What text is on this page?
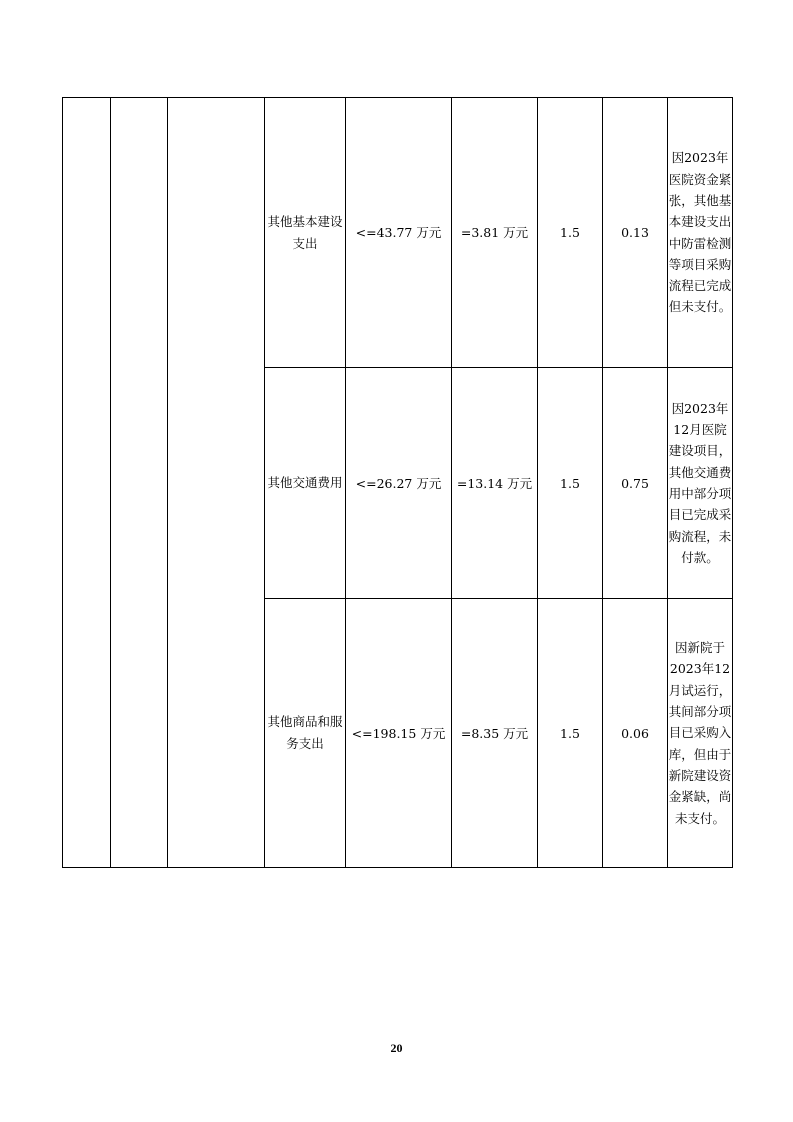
			其他基本建设支出	<=43.77 万元	=3.81 万元	1.5	0.13	因2023年医院资金紧张，其他基本建设支出中防雷检测等项目采购流程已完成但未支付。
			其他交通费用	<=26.27 万元	=13.14 万元	1.5	0.75	因2023年12月医院建设项目，其他交通费用中部分项目已完成采购流程，未付款。
			其他商品和服务支出	<=198.15 万元	=8.35 万元	1.5	0.06	因新院于2023年12月试运行，其间部分项目已采购入库，但由于新院建设资金紧缺，尚未支付。
20
